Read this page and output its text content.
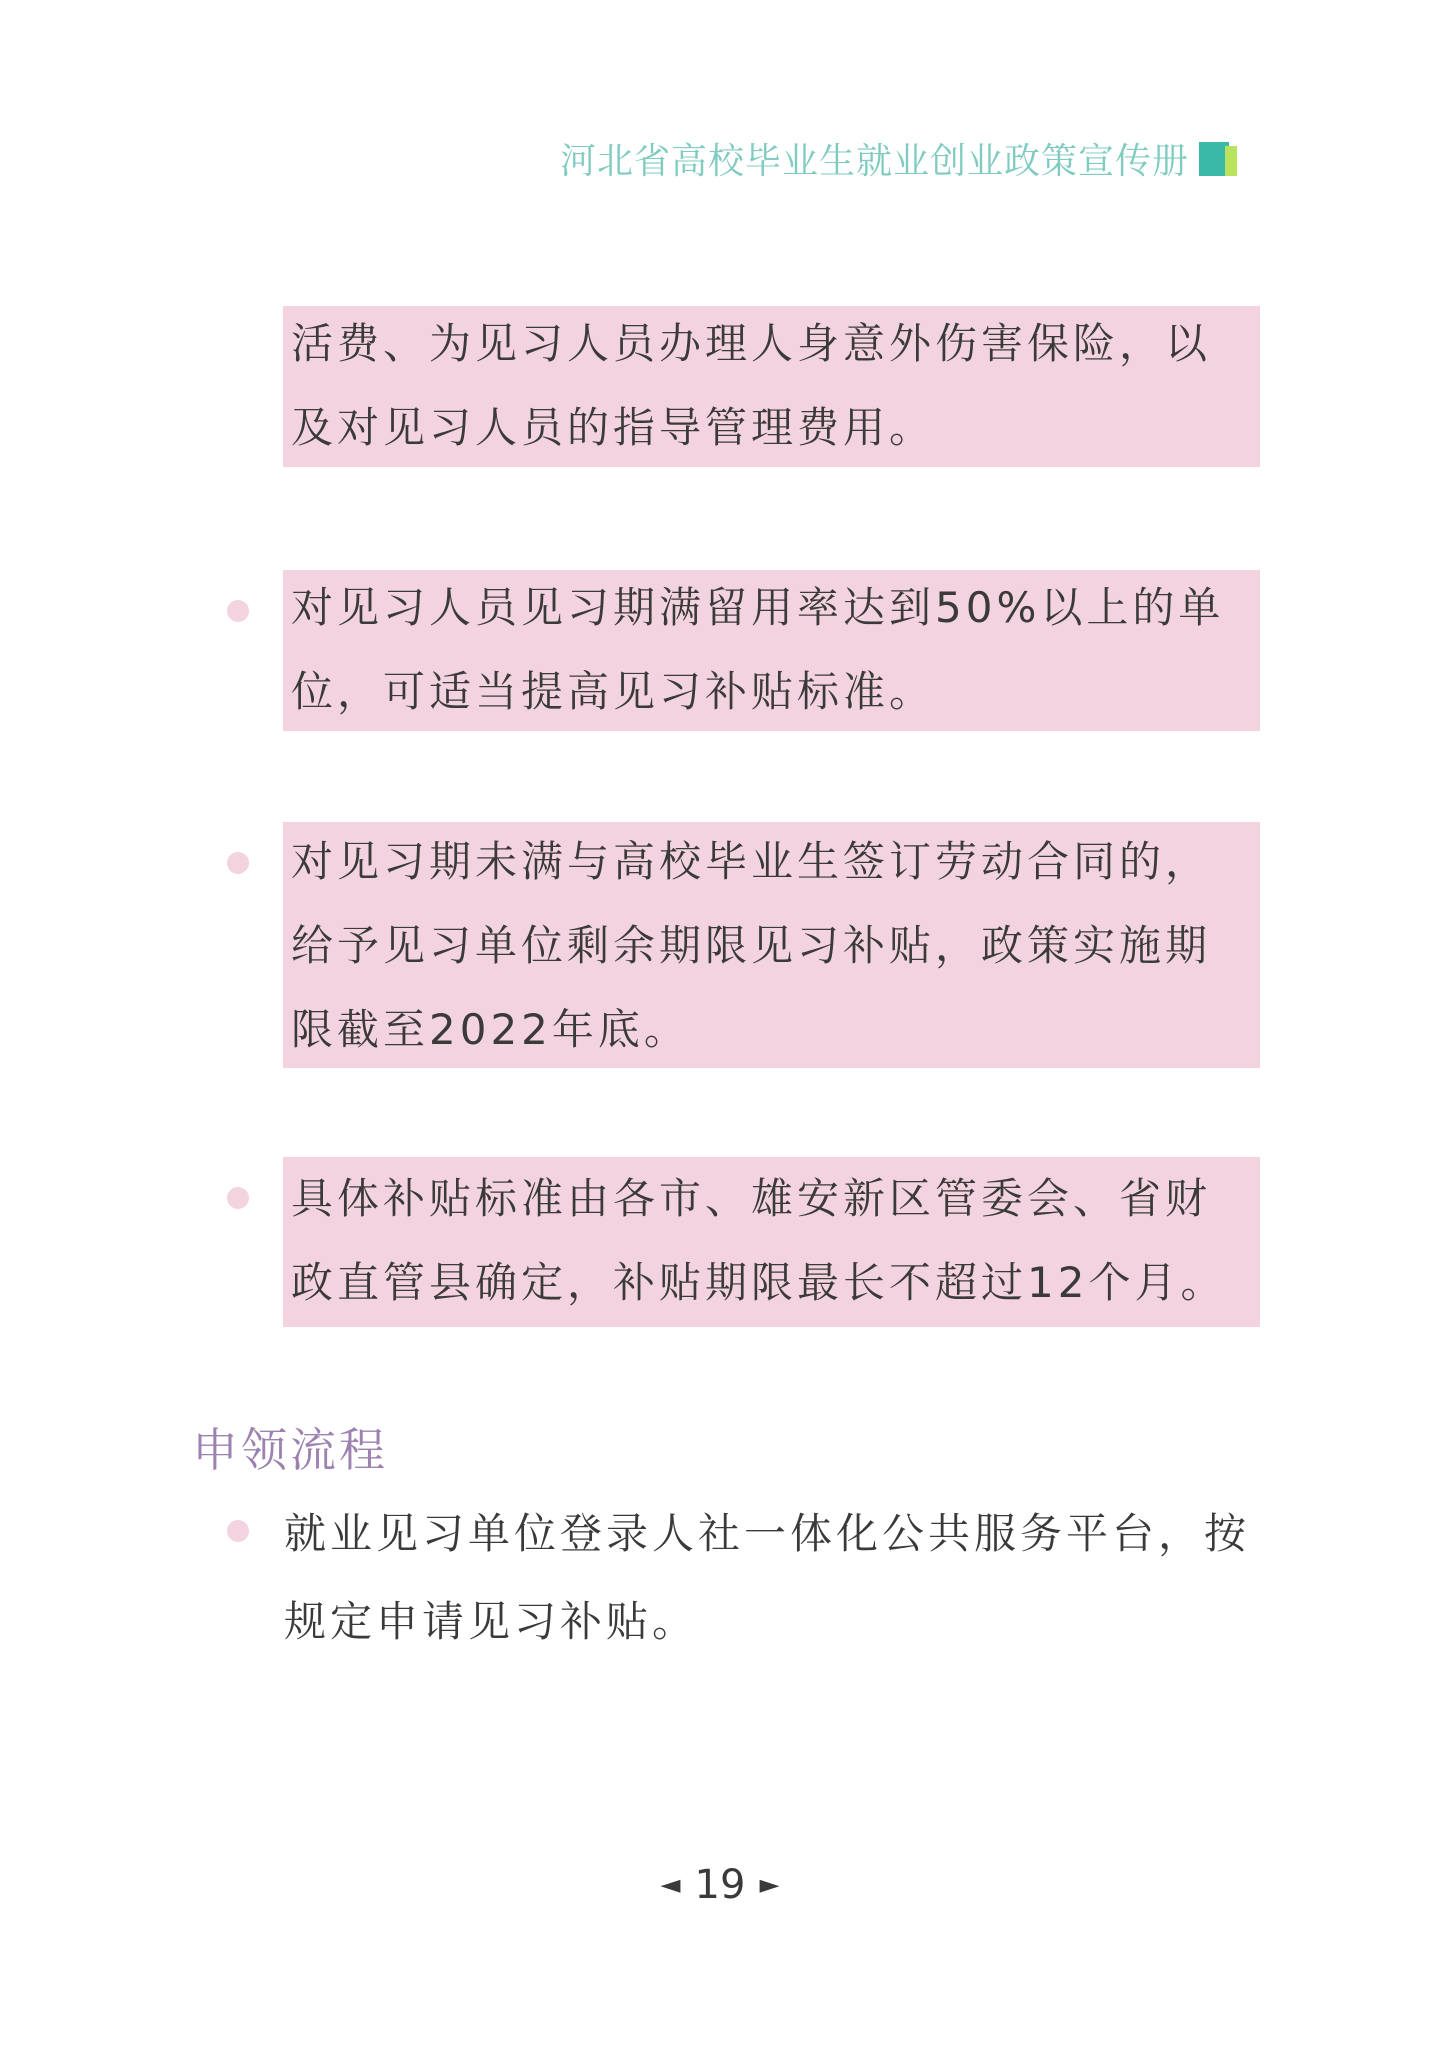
河北省高校毕业生就业创业政策宣传册
活费、为见习人员办理人身意外伤害保险，以及对见习人员的指导管理费用。
对见习人员见习期满留用率达到50%以上的单位，可适当提高见习补贴标准。
对见习期未满与高校毕业生签订劳动合同的，给予见习单位剩余期限见习补贴，政策实施期限截至2022年底。
具体补贴标准由各市、雄安新区管委会、省财政直管县确定，补贴期限最长不超过12个月。
申领流程
就业见习单位登录人社一体化公共服务平台，按规定申请见习补贴。
◄ 19 ►
